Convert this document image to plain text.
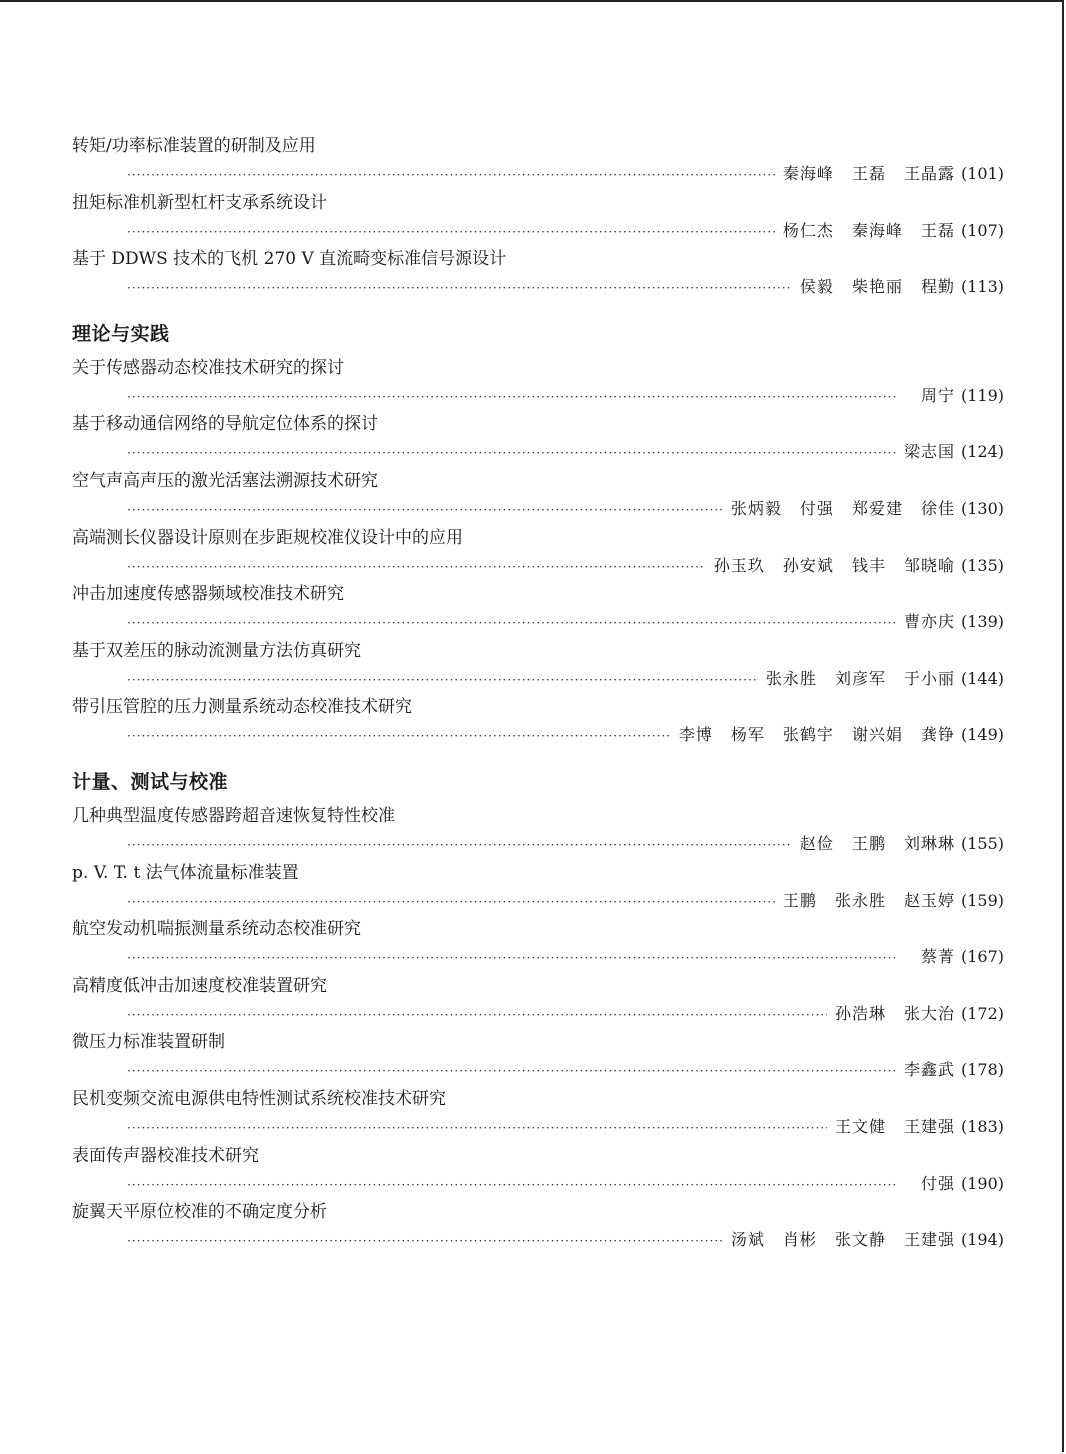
转矩/功率标准装置的研制及应用
·····
秦海峰 王磊 王晶露 (101)
扭矩标准机新型杠杆支承系统设计
·····
杨仁杰 秦海峰 王磊 (107)
基于 DDWS 技术的飞机 270 V 直流畸变标准信号源设计
·····
侯毅 柴艳丽 程勤 (113)
理论与实践
关于传感器动态校准技术研究的探讨
·····
周宁 (119)
基于移动通信网络的导航定位体系的探讨
·····
梁志国 (124)
空气声高声压的激光活塞法溯源技术研究
·····
张炳毅 付强 郑爱建 徐佳 (130)
高端测长仪器设计原则在步距规校准仪设计中的应用
·····
孙玉玖 孙安斌 钱丰 邹晓喻 (135)
冲击加速度传感器频域校准技术研究
·····
曹亦庆 (139)
基于双差压的脉动流测量方法仿真研究
·····
张永胜 刘彦军 于小丽 (144)
带引压管腔的压力测量系统动态校准技术研究
·····
李博 杨军 张鹤宇 谢兴娟 龚铮 (149)
计量、测试与校准
几种典型温度传感器跨超音速恢复特性校准
·····
赵俭 王鹏 刘琳琳 (155)
p. V. T. t 法气体流量标准装置
·····
王鹏 张永胜 赵玉婷 (159)
航空发动机喘振测量系统动态校准研究
·····
蔡菁 (167)
高精度低冲击加速度校准装置研究
·····
孙浩琳 张大治 (172)
微压力标准装置研制
·····
李鑫武 (178)
民机变频交流电源供电特性测试系统校准技术研究
·····
王文健 王建强 (183)
表面传声器校准技术研究
·····
付强 (190)
旋翼天平原位校准的不确定度分析
·····
汤斌 肖彬 张文静 王建强 (194)
